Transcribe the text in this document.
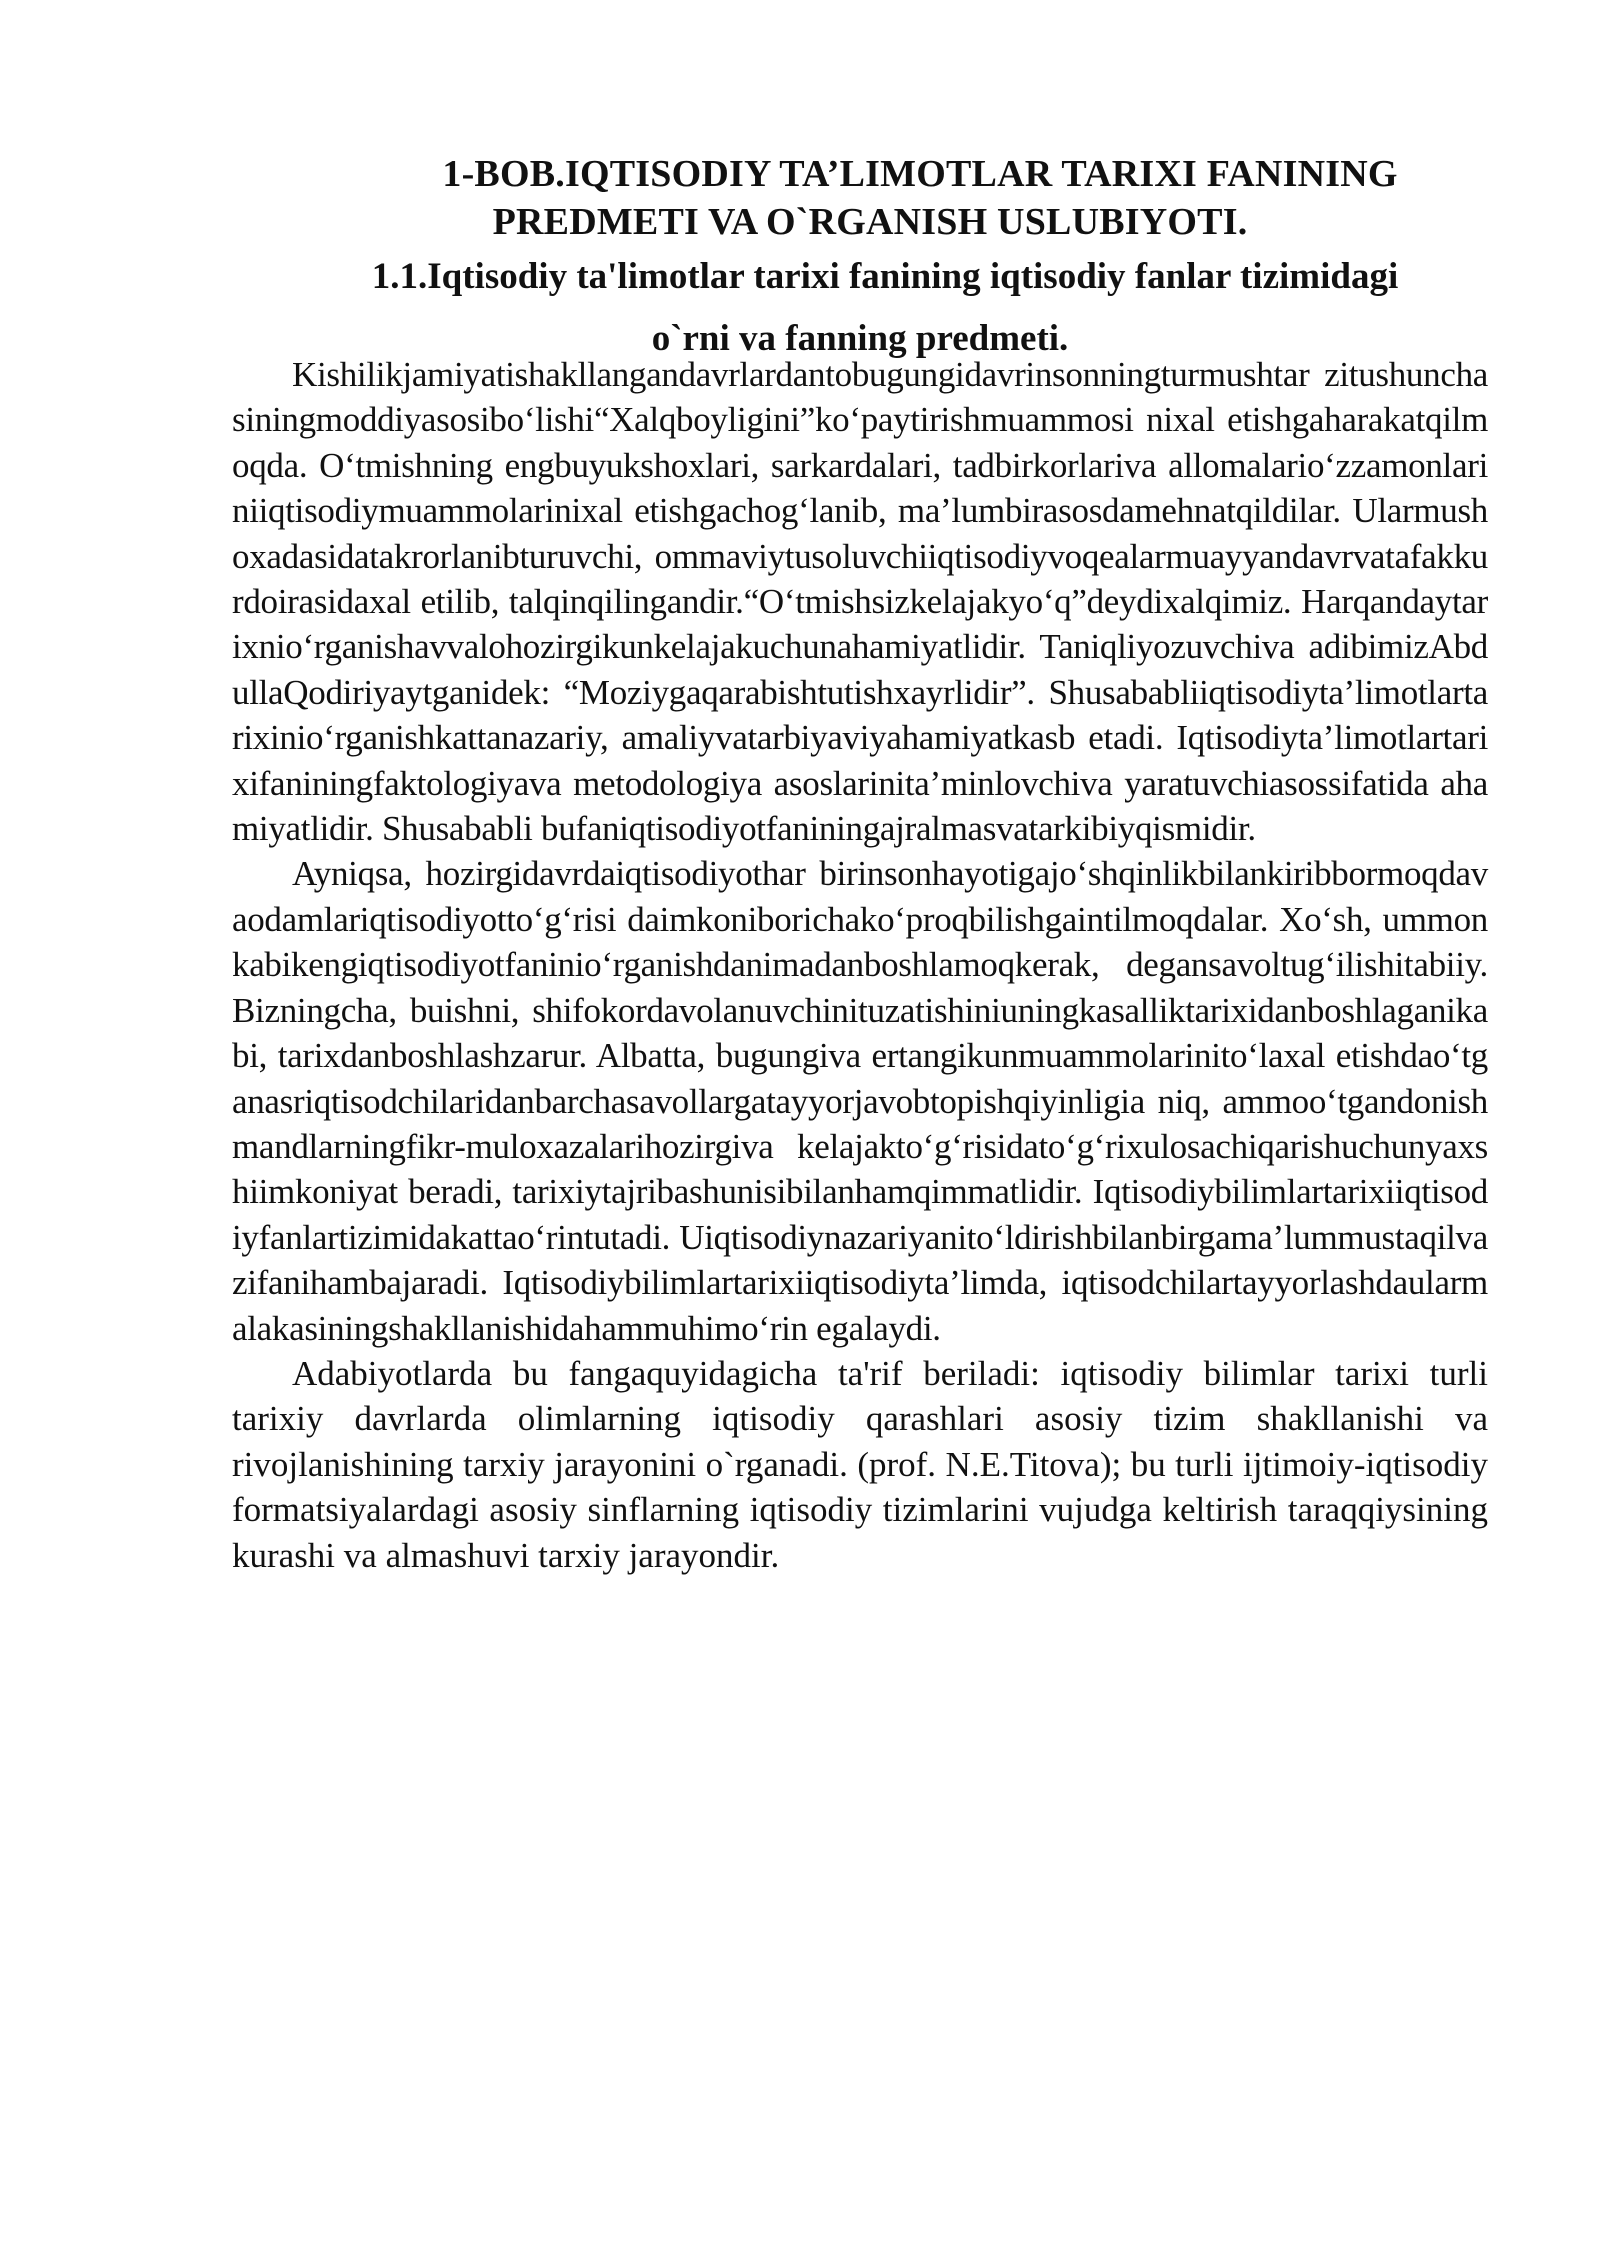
1-BOB.IQTISODIY TA’LIMOTLAR TARIXI FANINING
PREDMETI VA O`RGANISH USLUBIYOTI.
1.1.Iqtisodiy ta'limotlar tarixi fanining iqtisodiy fanlar tizimidagi
o`rni va fanning predmeti.

Kishilikjamiyatishakllangandavrlardantobugungidavrinsonningturmushtar zitushunchasiningmoddiyasosibo‘lishi“Xalqboyligini”ko‘paytirishmuammosi nixal etishgaharakatqilmoqda. O‘tmishning engbuyukshoxlari, sarkardalari, tadbirkorlariva allomalario‘zzamonlariniiqtisodiymuammolarinixal etishgachog‘lanib, ma’lumbirasosdamehnatqildilar. Ularmushoxadasidatakrorlanibturuvchi, ommaviytusoluvchiiqtisodiyvoqealarmuayyandavrvatafakkurdoirasidaxal etilib, talqinqilingandir.“O‘tmishsizkelajakyo‘q”deydixalqimiz. Harqandaytarixnio‘rganishavvalohozirgikunkelajakuchunahamiyatlidir. Taniqliyozuvchiva adibimizAbdullaQodiriyaytganidek: “Moziygaqarabishtutishxayrlidir”. Shusababliiqtisodiyta’limotlartarixinio‘rganishkattanazariy, amaliyvatarbiyaviyahamiyatkasb etadi. Iqtisodiyta’limotlartarixifaniningfaktologiyava metodologiya asoslarinita’minlovchiva yaratuvchiasossifatida ahamiyatlidir. Shusababli bufaniqtisodiyotfaniningajralmasvatarkibiyqismidir.

Ayniqsa, hozirgidavrdaiqtisodiyothar birinsonhayotigajo‘shqinlikbilankiribbormoqdavaodamlariqtisodiyotto‘g‘risi daimkoniborichako‘proqbilishgaintilmoqdalar. Xo‘sh, ummonkabikengiqtisodiyotfaninio‘rganishdanimadanboshlamoqkerak, degansavoltug‘ilishitabiiy. Bizningcha, buishni, shifokordavolanuvchinituzatishiniuningkasalliktarixidanboshlaganikabi, tarixdanboshlashzarur. Albatta, bugungiva ertangikunmuammolarinito‘laxal etishdao‘tganasriqtisodchilaridanbarchasavollargatayyorjavobtopishqiyinligia niq, ammoo‘tgandonishmandlarningfikr-muloxazalarihozirgiva kelajakto‘g‘risidato‘g‘rixulosachiqarishuchunyaxshiimkoniyat beradi, tarixiytajribashunisibilanhamqimmatlidir. Iqtisodiybilimlartarixiiqtisodiyfanlartizimidakattao‘rintutadi. Uiqtisodiynazariyanito‘ldirishbilanbirgama’lummustaqilvazifanihambajaradi. Iqtisodiybilimlartarixiiqtisodiyta’limda, iqtisodchilartayyorlashdaularmalakasiningshakllanishidahammuhimo‘rin egalaydi.

Adabiyotlarda bu fangaquyidagicha ta'rif beriladi: iqtisodiy bilimlar tarixi turli tarixiy davrlarda olimlarning iqtisodiy qarashlari asosiy tizim shakllanishi va rivojlanishining tarxiy jarayonini o`rganadi. (prof. N.E.Titova); bu turli ijtimoiy-iqtisodiy formatsiyalardagi asosiy sinflarning iqtisodiy tizimlarini vujudga keltirish taraqqiysining kurashi va almashuvi tarxiy jarayondir.
